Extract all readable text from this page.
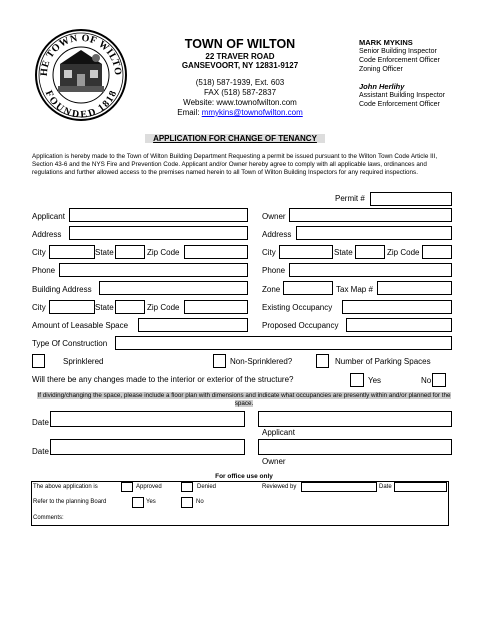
HE TOWN OF WILTO
FOUNDED 1818
TOWN OF WILTON
22 TRAVER ROAD
GANSEVOORT, NY 12831-9127
(518) 587-1939, Ext. 603
FAX (518) 587-2837
Website: www.townofwilton.com
Email: mmykins@townofwilton.com
MARK MYKINS
Senior Building Inspector
Code Enforcement Officer
Zoning Officer
John Herlihy
Assistant Building Inspector
Code Enforcement Officer
APPLICATION FOR CHANGE OF TENANCY
Application is hereby made to the Town of Wilton Building Department Requesting a permit be issued pursuant to the Wilton Town Code Article III, Section 43-6 and the NYS Fire and Prevention Code. Applicant and/or Owner hereby agree to comply with all applicable laws, ordinances and regulations and further allowed access to the premises named herein to all Town of Wilton Building Inspectors for any required inspections.
Permit #
Applicant
Address
City	State	Zip Code
Phone
Building Address
City	State	Zip Code
Amount of Leasable Space
Type Of Construction
Owner
Address
City	State	Zip Code
Phone
Zone	Tax Map #
Existing Occupancy
Proposed Occupancy
Sprinklered	Non-Sprinklered?	Number of Parking Spaces
Will there be any changes made to the interior or exterior of the structure?	Yes	No
If dividing/changing the space, please include a floor plan with dimensions and indicate what occupancies are presently within and/or planned for the space.
Date
Applicant
Date
Owner
For office use only
The above application is	Approved	Denied	Reviewed by	Date
Refer to the planning Board	Yes	No
Comments:
